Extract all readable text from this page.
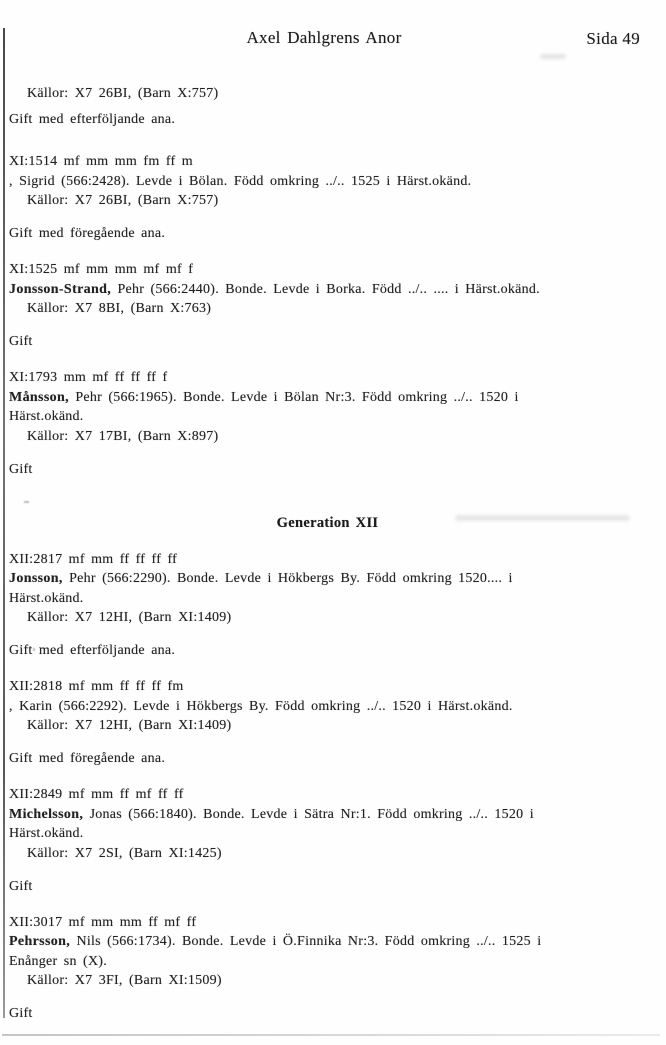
Axel Dahlgrens Anor	Sida 49
Källor: X7 26BI, (Barn X:757)
Gift med efterföljande ana.
XI:1514 mf mm mm fm ff m
, Sigrid (566:2428). Levde i Bölan. Född omkring ../.. 1525 i Härst.okänd.
Källor: X7 26BI, (Barn X:757)
Gift med föregående ana.
XI:1525 mf mm mm mf mf f
Jonsson-Strand, Pehr (566:2440). Bonde. Levde i Borka. Född ../.. .... i Härst.okänd.
Källor: X7 8BI, (Barn X:763)
Gift
XI:1793 mm mf ff ff ff f
Månsson, Pehr (566:1965). Bonde. Levde i Bölan Nr:3. Född omkring ../.. 1520 i
Härst.okänd.
Källor: X7 17BI, (Barn X:897)
Gift
Generation XII
XII:2817 mf mm ff ff ff ff
Jonsson, Pehr (566:2290). Bonde. Levde i Hökbergs By. Född omkring 1520.... i
Härst.okänd.
Källor: X7 12HI, (Barn XI:1409)
Gift med efterföljande ana.
XII:2818 mf mm ff ff ff fm
, Karin (566:2292). Levde i Hökbergs By. Född omkring ../.. 1520 i Härst.okänd.
Källor: X7 12HI, (Barn XI:1409)
Gift med föregående ana.
XII:2849 mf mm ff mf ff ff
Michelsson, Jonas (566:1840). Bonde. Levde i Sätra Nr:1. Född omkring ../.. 1520 i
Härst.okänd.
Källor: X7 2SI, (Barn XI:1425)
Gift
XII:3017 mf mm mm ff mf ff
Pehrsson, Nils (566:1734). Bonde. Levde i Ö.Finnika Nr:3. Född omkring ../.. 1525 i
Enånger sn (X).
Källor: X7 3FI, (Barn XI:1509)
Gift
